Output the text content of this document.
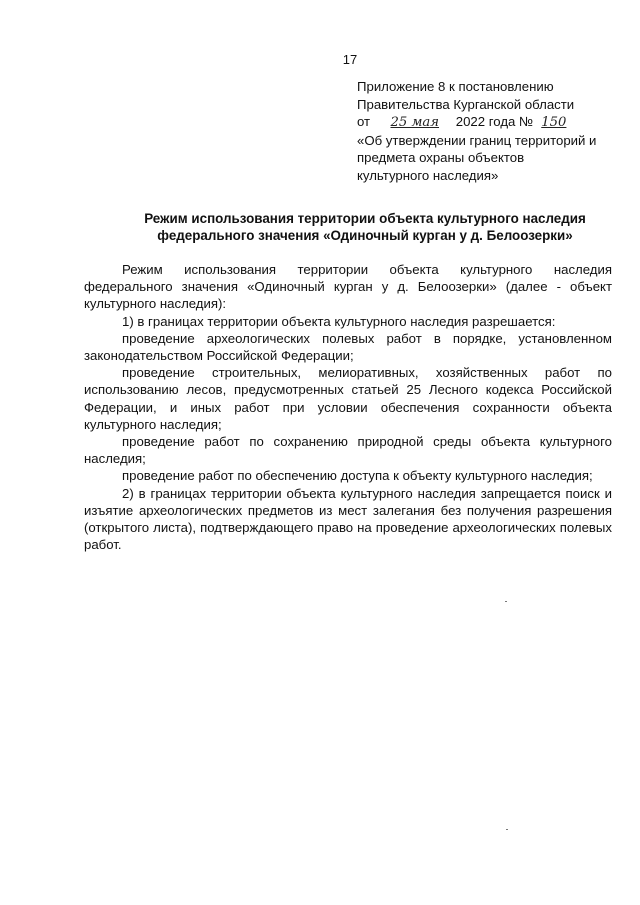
17
Приложение 8 к постановлению
Правительства Курганской области
от 25 мая 2022 года № 150
«Об утверждении границ территорий и
предмета охраны объектов
культурного наследия»
Режим использования территории объекта культурного наследия
федерального значения «Одиночный курган у д. Белоозерки»

Режим использования территории объекта культурного наследия федерального значения «Одиночный курган у д. Белоозерки» (далее - объект культурного наследия):

1) в границах территории объекта культурного наследия разрешается:

проведение археологических полевых работ в порядке, установленном законодательством Российской Федерации;

проведение строительных, мелиоративных, хозяйственных работ по использованию лесов, предусмотренных статьей 25 Лесного кодекса Российской Федерации, и иных работ при условии обеспечения сохранности объекта культурного наследия;

проведение работ по сохранению природной среды объекта культурного наследия;

проведение работ по обеспечению доступа к объекту культурного наследия;

2) в границах территории объекта культурного наследия запрещается поиск и изъятие археологических предметов из мест залегания без получения разрешения (открытого листа), подтверждающего право на проведение археологических полевых работ.
